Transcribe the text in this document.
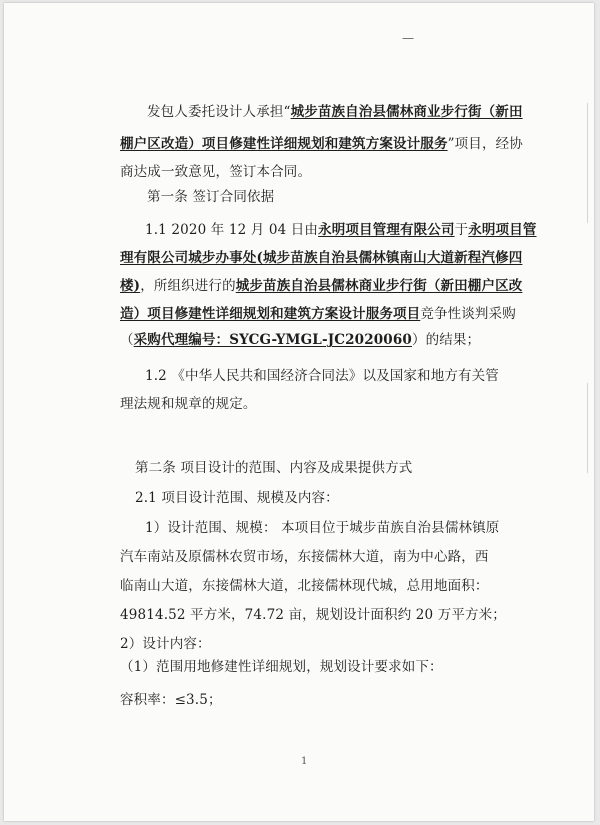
—
发包人委托设计人承担“城步苗族自治县儒林商业步行街（新田
棚户区改造）项目修建性详细规划和建筑方案设计服务”项目，经协
商达成一致意见，签订本合同。
第一条 签订合同依据
1.1 2020 年 12 月 04 日由永明项目管理有限公司于永明项目管
理有限公司城步办事处(城步苗族自治县儒林镇南山大道新程汽修四
楼)，所组织进行的城步苗族自治县儒林商业步行街（新田棚户区改
造）项目修建性详细规划和建筑方案设计服务项目竞争性谈判采购
（采购代理编号：SYCG-YMGL-JC2020060）的结果；
1.2 《中华人民共和国经济合同法》以及国家和地方有关管
理法规和规章的规定。
第二条 项目设计的范围、内容及成果提供方式
2.1 项目设计范围、规模及内容：
1）设计范围、规模： 本项目位于城步苗族自治县儒林镇原
汽车南站及原儒林农贸市场，东接儒林大道，南为中心路，西
临南山大道，东接儒林大道，北接儒林现代城，总用地面积：
49814.52 平方米，74.72 亩，规划设计面积约 20 万平方米；
2）设计内容：
（1）范围用地修建性详细规划，规划设计要求如下：
容积率：≤3.5；
1
